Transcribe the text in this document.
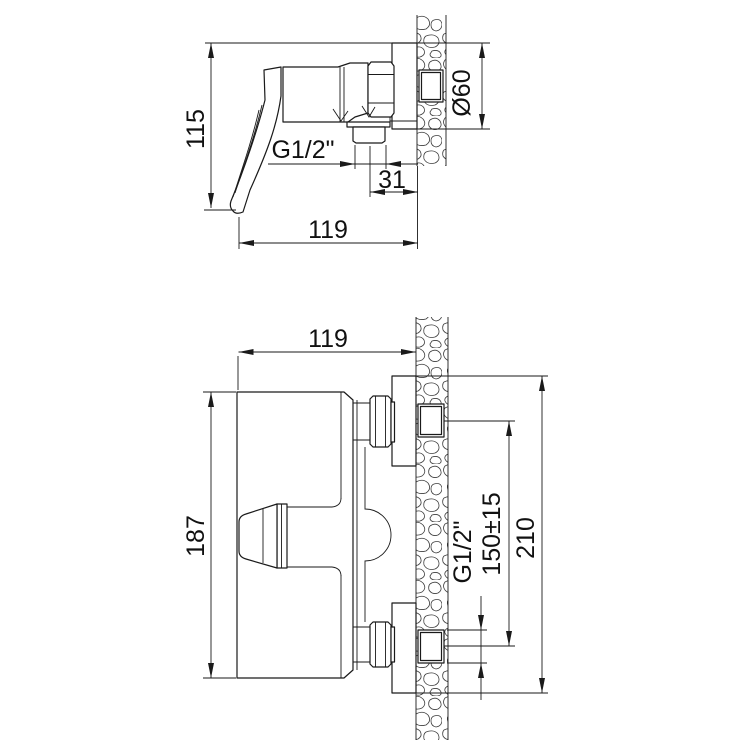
115
119
G1/2"
31
Ø60
119
187	210
150±15
G1/2"
